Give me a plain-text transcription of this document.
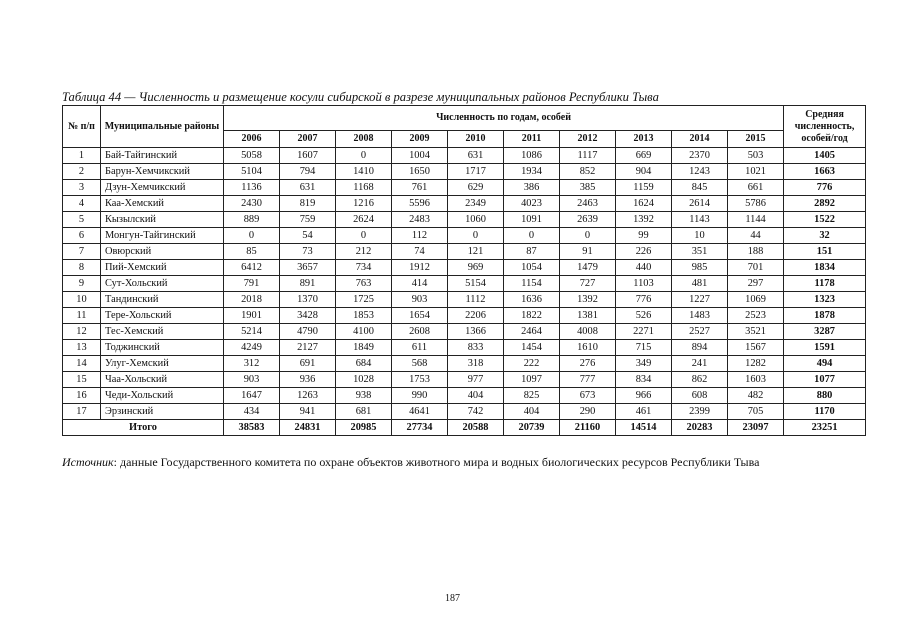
Таблица 44 — Численность и размещение косули сибирской в разрезе муниципальных районов Республики Тыва
№ п/п	Муниципальные районы	Численность по годам, особей										Средняя численность, особей/год
		2006	2007	2008	2009	2010	2011	2012	2013	2014	2015	
1	Бай-Тайгинский	5058	1607	0	1004	631	1086	1117	669	2370	503	1405
2	Барун-Хемчикский	5104	794	1410	1650	1717	1934	852	904	1243	1021	1663
3	Дзун-Хемчикский	1136	631	1168	761	629	386	385	1159	845	661	776
4	Каа-Хемский	2430	819	1216	5596	2349	4023	2463	1624	2614	5786	2892
5	Кызылский	889	759	2624	2483	1060	1091	2639	1392	1143	1144	1522
6	Монгун-Тайгинский	0	54	0	112	0	0	0	99	10	44	32
7	Овюрский	85	73	212	74	121	87	91	226	351	188	151
8	Пий-Хемский	6412	3657	734	1912	969	1054	1479	440	985	701	1834
9	Сут-Хольский	791	891	763	414	5154	1154	727	1103	481	297	1178
10	Тандинский	2018	1370	1725	903	1112	1636	1392	776	1227	1069	1323
11	Тере-Хольский	1901	3428	1853	1654	2206	1822	1381	526	1483	2523	1878
12	Тес-Хемский	5214	4790	4100	2608	1366	2464	4008	2271	2527	3521	3287
13	Тоджинский	4249	2127	1849	611	833	1454	1610	715	894	1567	1591
14	Улуг-Хемский	312	691	684	568	318	222	276	349	241	1282	494
15	Чаа-Хольский	903	936	1028	1753	977	1097	777	834	862	1603	1077
16	Чеди-Хольский	1647	1263	938	990	404	825	673	966	608	482	880
17	Эрзинский	434	941	681	4641	742	404	290	461	2399	705	1170
Итого		38583	24831	20985	27734	20588	20739	21160	14514	20283	23097	23251
Источник: данные Государственного комитета по охране объектов животного мира и водных биологических ресурсов Республики Тыва
187
